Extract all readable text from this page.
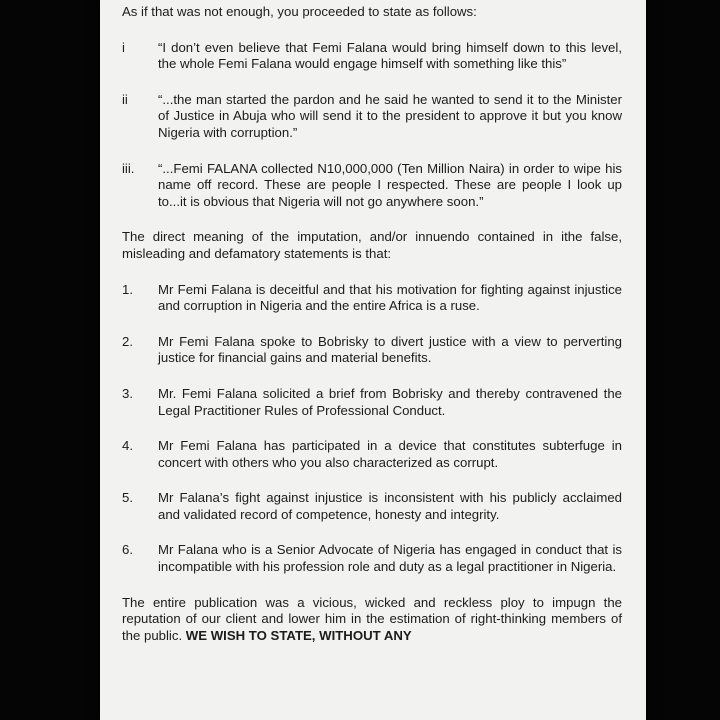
As if that was not enough, you proceeded to state as follows:

i	“I don’t even believe that Femi Falana would bring himself down to this level, the whole Femi Falana would engage himself with something like this”
ii	“...the man started the pardon and he said he wanted to send it to the Minister of Justice in Abuja who will send it to the president to approve it but you know Nigeria with corruption.”
iii.	“...Femi FALANA collected N10,000,000 (Ten Million Naira) in order to wipe his name off record. These are people I respected. These are people I look up to...it is obvious that Nigeria will not go anywhere soon.”

The direct meaning of the imputation, and/or innuendo contained in ithe false, misleading and defamatory statements is that:

1.	Mr Femi Falana is deceitful and that his motivation for fighting against injustice and corruption in Nigeria and the entire Africa is a ruse.
2.	Mr Femi Falana spoke to Bobrisky to divert justice with a view to perverting justice for financial gains and material benefits.
3.	Mr. Femi Falana solicited a brief from Bobrisky and thereby contravened the Legal Practitioner Rules of Professional Conduct.
4.	Mr Femi Falana has participated in a device that constitutes subterfuge in concert with others who you also characterized as corrupt.
5.	Mr Falana’s fight against injustice is inconsistent with his publicly acclaimed and validated record of competence, honesty and integrity.
6.	Mr Falana who is a Senior Advocate of Nigeria has engaged in conduct that is incompatible with his profession role and duty as a legal practitioner in Nigeria.

The entire publication was a vicious, wicked and reckless ploy to impugn the reputation of our client and lower him in the estimation of right-thinking members of the public. WE WISH TO STATE, WITHOUT ANY
